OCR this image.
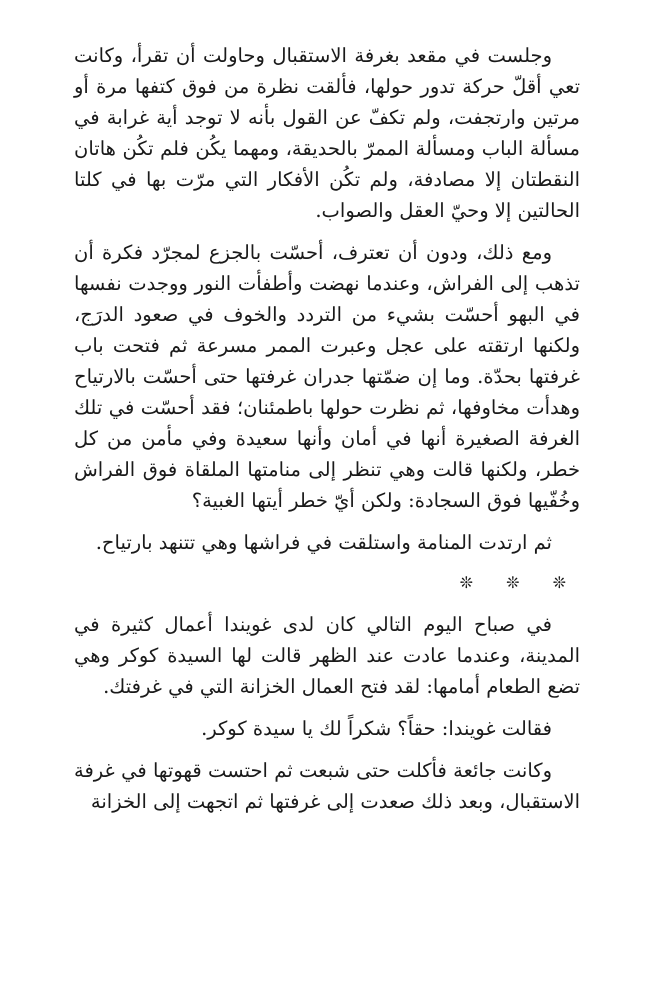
وجلست في مقعد بغرفة الاستقبال وحاولت أن تقرأ، وكانت تعي أقلّ حركة تدور حولها، فألقت نظرة من فوق كتفها مرة أو مرتين وارتجفت، ولم تكفّ عن القول بأنه لا توجد أية غرابة في مسألة الباب ومسألة الممرّ بالحديقة، ومهما يكُن فلم تكُن هاتان النقطتان إلا مصادفة، ولم تكُن الأفكار التي مرّت بها في كلتا الحالتين إلا وحيّ العقل والصواب.

ومع ذلك، ودون أن تعترف، أحسّت بالجزع لمجرّد فكرة أن تذهب إلى الفراش، وعندما نهضت وأطفأت النور ووجدت نفسها في البهو أحسّت بشيء من التردد والخوف في صعود الدرَج، ولكنها ارتقته على عجل وعبرت الممر مسرعة ثم فتحت باب غرفتها بحدّة. وما إن ضمّتها جدران غرفتها حتى أحسّت بالارتياح وهدأت مخاوفها، ثم نظرت حولها باطمئنان؛ فقد أحسّت في تلك الغرفة الصغيرة أنها في أمان وأنها سعيدة وفي مأمن من كل خطر، ولكنها قالت وهي تنظر إلى منامتها الملقاة فوق الفراش وخُفّيها فوق السجادة: ولكن أيّ خطر أيتها الغبية؟

ثم ارتدت المنامة واستلقت في فراشها وهي تتنهد بارتياح.

❊ ❊ ❊

في صباح اليوم التالي كان لدى غويندا أعمال كثيرة في المدينة، وعندما عادت عند الظهر قالت لها السيدة كوكر وهي تضع الطعام أمامها: لقد فتح العمال الخزانة التي في غرفتك.

فقالت غويندا: حقاً؟ شكراً لك يا سيدة كوكر.

وكانت جائعة فأكلت حتى شبعت ثم احتست قهوتها في غرفة الاستقبال، وبعد ذلك صعدت إلى غرفتها ثم اتجهت إلى الخزانة
